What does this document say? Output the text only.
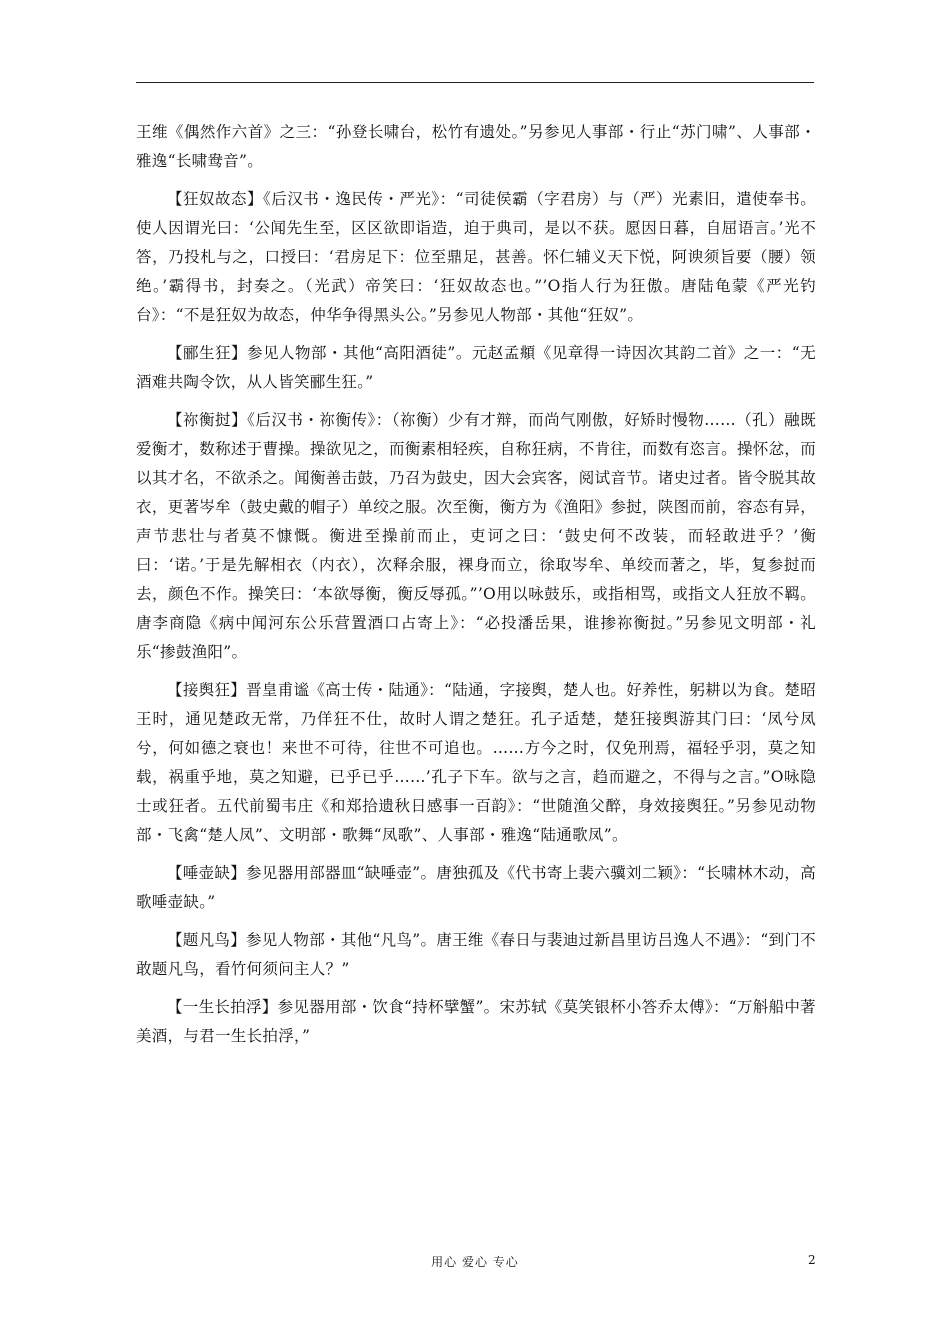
王维《偶然作六首》之三：“孙登长啸台，松竹有遗处。”另参见人事部・行止“苏门啸”、人事部・雅逸“长啸鸯音”。

【狂奴故态】《后汉书・逸民传・严光》：“司徒侯霸（字君房）与（严）光素旧，遣使奉书。使人因谓光曰：‘公闻先生至，区区欲即诣造，迫于典司，是以不获。愿因日暮，自屈语言。’光不答，乃投札与之，口授曰：‘君房足下：位至鼎足，甚善。怀仁辅义天下悦，阿谀须旨要（腰）领绝。’霸得书，封奏之。（光武）帝笑曰：‘狂奴故态也。”’О指人行为狂傲。唐陆龟蒙《严光钓台》：“不是狂奴为故态，仲华争得黑头公。”另参见人物部・其他“狂奴”。

【郦生狂】参见人物部・其他“高阳酒徒”。元赵孟頫《见章得一诗因次其韵二首》之一：“无酒难共陶令饮，从人皆笑郦生狂。”

【祢衡挝】《后汉书・祢衡传》：（祢衡）少有才辩，而尚气刚傲，好矫时慢物……（孔）融既爱衡才，数称述于曹操。操欲见之，而衡素相轻疾，自称狂病，不肯往，而数有恣言。操怀忿，而以其才名，不欲杀之。闻衡善击鼓，乃召为鼓史，因大会宾客，阅试音节。诸史过者。皆令脱其故衣，更著岑牟（鼓史戴的帽子）单绞之服。次至衡，衡方为《渔阳》参挝，陕图而前，容态有异，声节悲壮与者莫不慷慨。衡进至操前而止，吏诃之曰：‘鼓史何不改装，而轻敢进乎？’衡曰：‘诺。’于是先解相衣（内衣），次释余服，裸身而立，徐取岑牟、单绞而著之，毕，复参挝而去，颜色不作。操笑曰：‘本欲辱衡，衡反辱孤。”’О用以咏鼓乐，或指相骂，或指文人狂放不羁。唐李商隐《病中闻河东公乐营置酒口占寄上》：“必投潘岳果，谁掺祢衡挝。”另参见文明部・礼乐“掺鼓渔阳”。

【接舆狂】晋皇甫谧《高士传・陆通》：“陆通，字接舆，楚人也。好养性，躬耕以为食。楚昭王时，通见楚政无常，乃佯狂不仕，故时人谓之楚狂。孔子适楚，楚狂接舆游其门曰：‘凤兮凤兮，何如德之衰也！来世不可待，往世不可追也。……方今之时，仅免刑焉，福轻乎羽，莫之知载，祸重乎地，莫之知避，已乎已乎……’孔子下车。欲与之言，趋而避之，不得与之言。”О咏隐士或狂者。五代前蜀韦庄《和郑拾遗秋日感事一百韵》：“世随渔父醉，身效接舆狂。”另参见动物部・飞禽“楚人凤”、文明部・歌舞“凤歌”、人事部・雅逸“陆通歌凤”。

【唾壶缺】参见器用部器皿“缺唾壶”。唐独孤及《代书寄上裴六骥刘二颖》：“长啸林木动，高歌唾壶缺。”

【题凡鸟】参见人物部・其他“凡鸟”。唐王维《春日与裴迪过新昌里访吕逸人不遇》：“到门不敢题凡鸟，看竹何须问主人？”

【一生长拍浮】参见器用部・饮食“持杯擘蟹”。宋苏轼《莫笑银杯小答乔太傅》：“万斛船中著美酒，与君一生长拍浮，”

用心 爱心 专心	2
